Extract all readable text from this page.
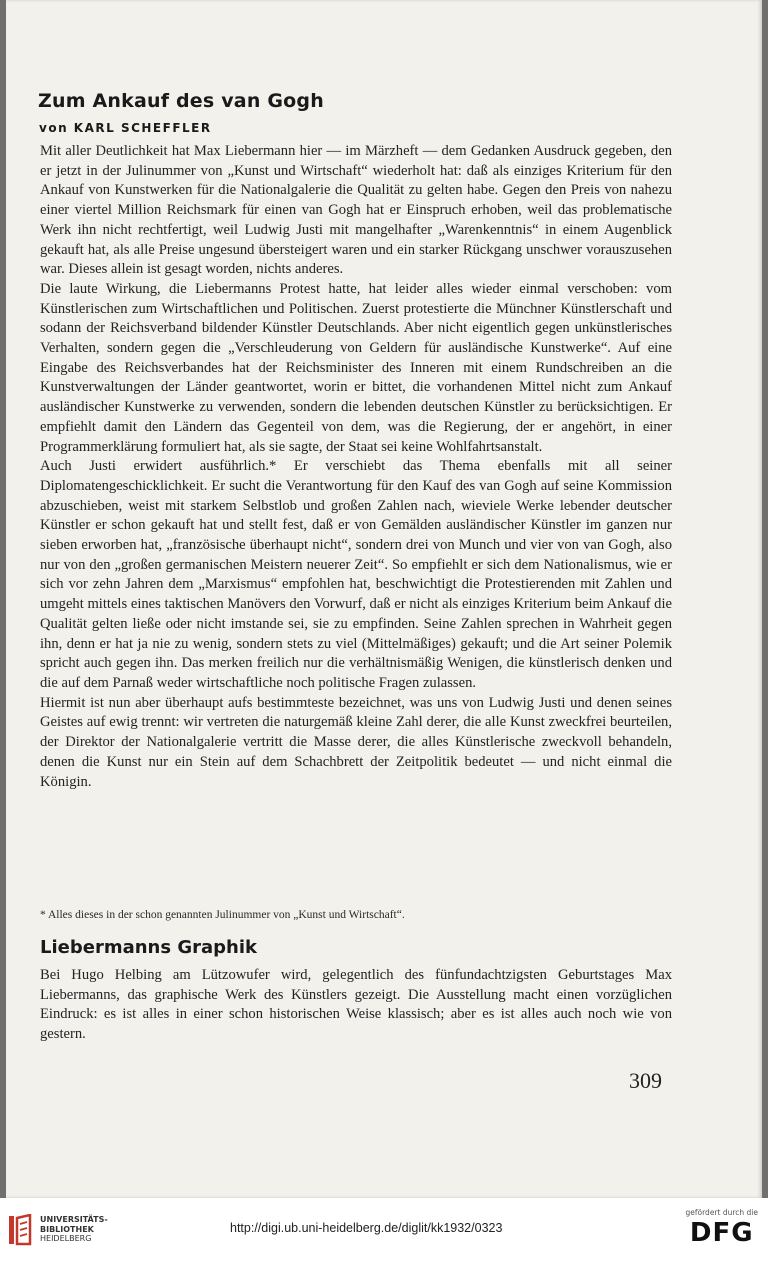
Zum Ankauf des van Gogh
von KARL SCHEFFLER

Mit aller Deutlichkeit hat Max Liebermann hier — im Märzheft — dem Gedanken Ausdruck gegeben, den er jetzt in der Julinummer von „Kunst und Wirtschaft“ wiederholt hat: daß als einziges Kriterium für den Ankauf von Kunstwerken für die Nationalgalerie die Qualität zu gelten habe. Gegen den Preis von nahezu einer viertel Million Reichsmark für einen van Gogh hat er Einspruch erhoben, weil das problematische Werk ihn nicht rechtfertigt, weil Ludwig Justi mit mangelhafter „Warenkenntnis“ in einem Augenblick gekauft hat, als alle Preise ungesund übersteigert waren und ein starker Rückgang unschwer vorauszusehen war. Dieses allein ist gesagt worden, nichts anderes.

Die laute Wirkung, die Liebermanns Protest hatte, hat leider alles wieder einmal verschoben: vom Künstlerischen zum Wirtschaftlichen und Politischen. Zuerst protestierte die Münchner Künstlerschaft und sodann der Reichsverband bildender Künstler Deutschlands. Aber nicht eigentlich gegen unkünstlerisches Verhalten, sondern gegen die „Verschleuderung von Geldern für ausländische Kunstwerke“. Auf eine Eingabe des Reichsverbandes hat der Reichsminister des Inneren mit einem Rundschreiben an die Kunstverwaltungen der Länder geantwortet, worin er bittet, die vorhandenen Mittel nicht zum Ankauf ausländischer Kunstwerke zu verwenden, sondern die lebenden deutschen Künstler zu berücksichtigen. Er empfiehlt damit den Ländern das Gegenteil von dem, was die Regierung, der er angehört, in einer Programmerklärung formuliert hat, als sie sagte, der Staat sei keine Wohlfahrtsanstalt.

Auch Justi erwidert ausführlich.* Er verschiebt das Thema ebenfalls mit all seiner Diplomatengeschicklichkeit. Er sucht die Verantwortung für den Kauf des van Gogh auf seine Kommission abzuschieben, weist mit starkem Selbstlob und großen Zahlen nach, wieviele Werke lebender deutscher Künstler er schon gekauft hat und stellt fest, daß er von Gemälden ausländischer Künstler im ganzen nur sieben erworben hat, „französische überhaupt nicht“, sondern drei von Munch und vier von van Gogh, also nur von den „großen germanischen Meistern neuerer Zeit“. So empfiehlt er sich dem Nationalismus, wie er sich vor zehn Jahren dem „Marxismus“ empfohlen hat, beschwichtigt die Protestierenden mit Zahlen und umgeht mittels eines taktischen Manövers den Vorwurf, daß er nicht als einziges Kriterium beim Ankauf die Qualität gelten ließe oder nicht imstande sei, sie zu empfinden. Seine Zahlen sprechen in Wahrheit gegen ihn, denn er hat ja nie zu wenig, sondern stets zu viel (Mittelmäßiges) gekauft; und die Art seiner Polemik spricht auch gegen ihn. Das merken freilich nur die verhältnismäßig Wenigen, die künstlerisch denken und die auf dem Parnaß weder wirtschaftliche noch politische Fragen zulassen.

Hiermit ist nun aber überhaupt aufs bestimmteste bezeichnet, was uns von Ludwig Justi und denen seines Geistes auf ewig trennt: wir vertreten die naturgemäß kleine Zahl derer, die alle Kunst zweckfrei beurteilen, der Direktor der Nationalgalerie vertritt die Masse derer, die alles Künstlerische zweckvoll behandeln, denen die Kunst nur ein Stein auf dem Schachbrett der Zeitpolitik bedeutet — und nicht einmal die Königin.

* Alles dieses in der schon genannten Julinummer von „Kunst und Wirtschaft“.

Liebermanns Graphik

Bei Hugo Helbing am Lützowufer wird, gelegentlich des fünfundachtzigsten Geburtstages Max Liebermanns, das graphische Werk des Künstlers gezeigt. Die Ausstellung macht einen vorzüglichen Eindruck: es ist alles in einer schon historischen Weise klassisch; aber es ist alles auch noch wie von gestern.

309

UNIVERSITÄTS-
BIBLIOTHEK
HEIDELBERG
http://digi.ub.uni-heidelberg.de/diglit/kk1932/0323
gefördert durch die
DFG
